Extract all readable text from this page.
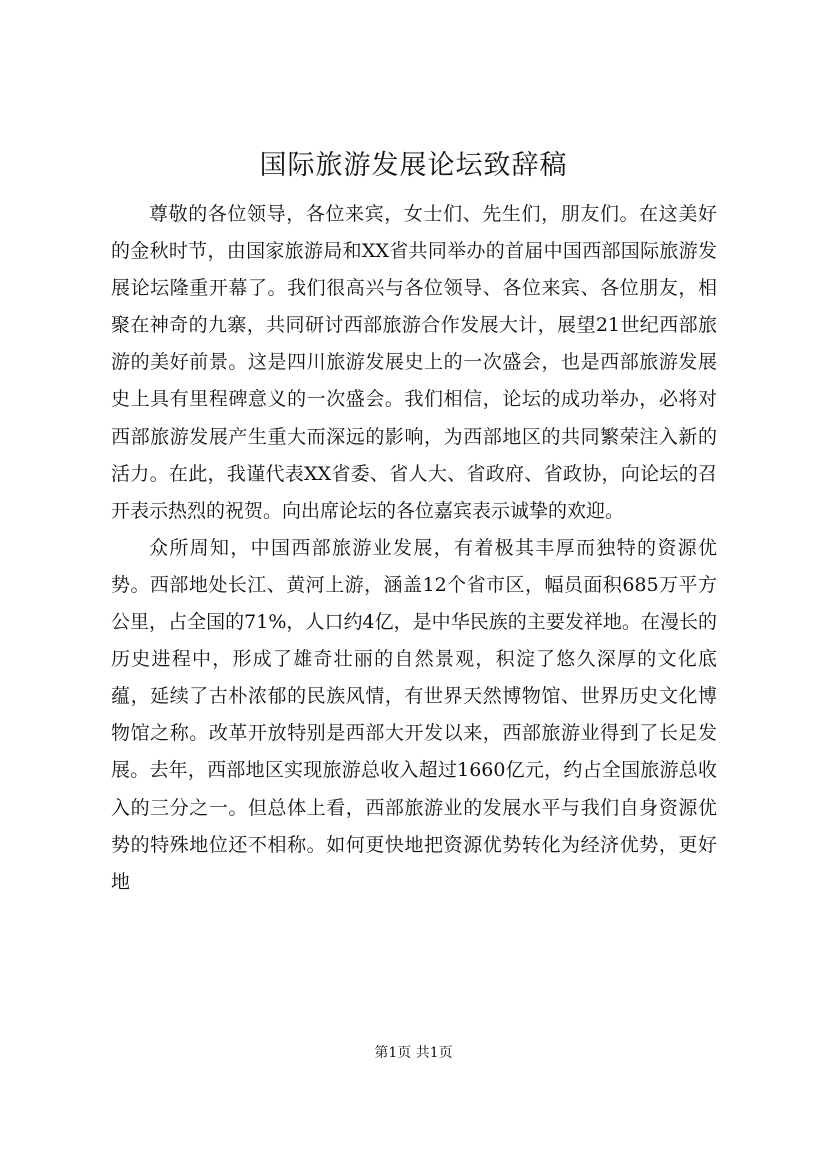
国际旅游发展论坛致辞稿

尊敬的各位领导，各位来宾，女士们、先生们，朋友们。在这美好的金秋时节，由国家旅游局和XX省共同举办的首届中国西部国际旅游发展论坛隆重开幕了。我们很高兴与各位领导、各位来宾、各位朋友，相聚在神奇的九寨，共同研讨西部旅游合作发展大计，展望21世纪西部旅游的美好前景。这是四川旅游发展史上的一次盛会，也是西部旅游发展史上具有里程碑意义的一次盛会。我们相信，论坛的成功举办，必将对西部旅游发展产生重大而深远的影响，为西部地区的共同繁荣注入新的活力。在此，我谨代表XX省委、省人大、省政府、省政协，向论坛的召开表示热烈的祝贺。向出席论坛的各位嘉宾表示诚挚的欢迎。

众所周知，中国西部旅游业发展，有着极其丰厚而独特的资源优势。西部地处长江、黄河上游，涵盖12个省市区，幅员面积685万平方公里，占全国的71%，人口约4亿，是中华民族的主要发祥地。在漫长的历史进程中，形成了雄奇壮丽的自然景观，积淀了悠久深厚的文化底蕴，延续了古朴浓郁的民族风情，有世界天然博物馆、世界历史文化博物馆之称。改革开放特别是西部大开发以来，西部旅游业得到了长足发展。去年，西部地区实现旅游总收入超过1660亿元，约占全国旅游总收入的三分之一。但总体上看，西部旅游业的发展水平与我们自身资源优势的特殊地位还不相称。如何更快地把资源优势转化为经济优势，更好地

第1页 共1页
